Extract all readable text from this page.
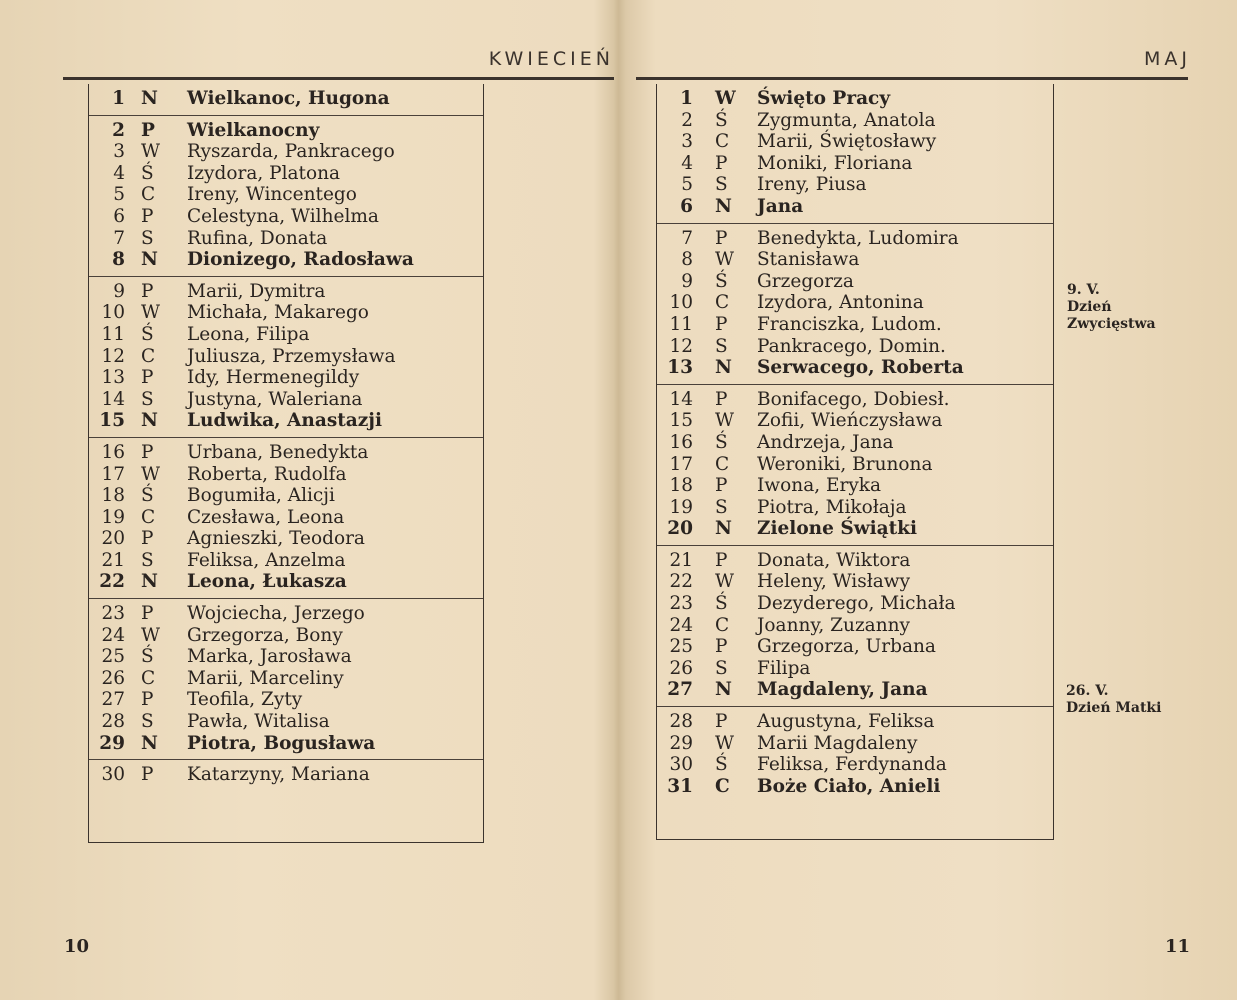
KWIECIEŃ
1 N	Wielkanoc, Hugona
2 P	Wielkanocny
3 W Ryszarda, Pankracego
4 Ś	Izydora, Platona
5 C	Ireny, Wincentego
6 P	Celestyna, Wilhelma
7 S	Rufina, Donata
8 N	Dionizego, Radosława
9 P	Marii, Dymitra
10 W Michała, Makarego
11 Ś	Leona, Filipa
12 C	Juliusza, Przemysława
13 P	Idy, Hermenegildy
14 S	Justyna, Waleriana
15 N	Ludwika, Anastazji
16 P	Urbana, Benedykta
17 W Roberta, Rudolfa
18 Ś	Bogumiła, Alicji
19 C	Czesława, Leona
20 P	Agnieszki, Teodora
21 S	Feliksa, Anzelma
22 N	Leona, Łukasza
23 P	Wojciecha, Jerzego
24 W Grzegorza, Bony
25 Ś	Marka, Jarosława
26 C	Marii, Marceliny
27 P	Teofila, Zyty
28 S	Pawła, Witalisa
29 N	Piotra, Bogusława
30 P	Katarzyny, Mariana
10
MAJ
1 W Święto Pracy
2 Ś	Zygmunta, Anatola
3 C	Marii, Świętosławy
4 P	Moniki, Floriana
5 S	Ireny, Piusa
6 N	Jana
7 P	Benedykta, Ludomira
8 W Stanisława
9 Ś	Grzegorza
10 C	Izydora, Antonina
11 P	Franciszka, Ludom.
12 S	Pankracego, Domin.
13 N	Serwacego, Roberta
14 P	Bonifacego, Dobiesł.
15 W Zofii, Wieńczysława
16 Ś	Andrzeja, Jana
17 C	Weroniki, Brunona
18 P	Iwona, Eryka
19 S	Piotra, Mikołaja
20 N	Zielone Świątki
21 P	Donata, Wiktora
22 W Heleny, Wisławy
23 Ś	Dezyderego, Michała
24 C	Joanny, Zuzanny
25 P	Grzegorza, Urbana
26 S	Filipa
27 N	Magdaleny, Jana
28 P	Augustyna, Feliksa
29 W Marii Magdaleny
30 Ś	Feliksa, Ferdynanda
31 C	Boże Ciało, Anieli
9. V.
Dzień
Zwycięstwa
26. V.
Dzień Matki
11
